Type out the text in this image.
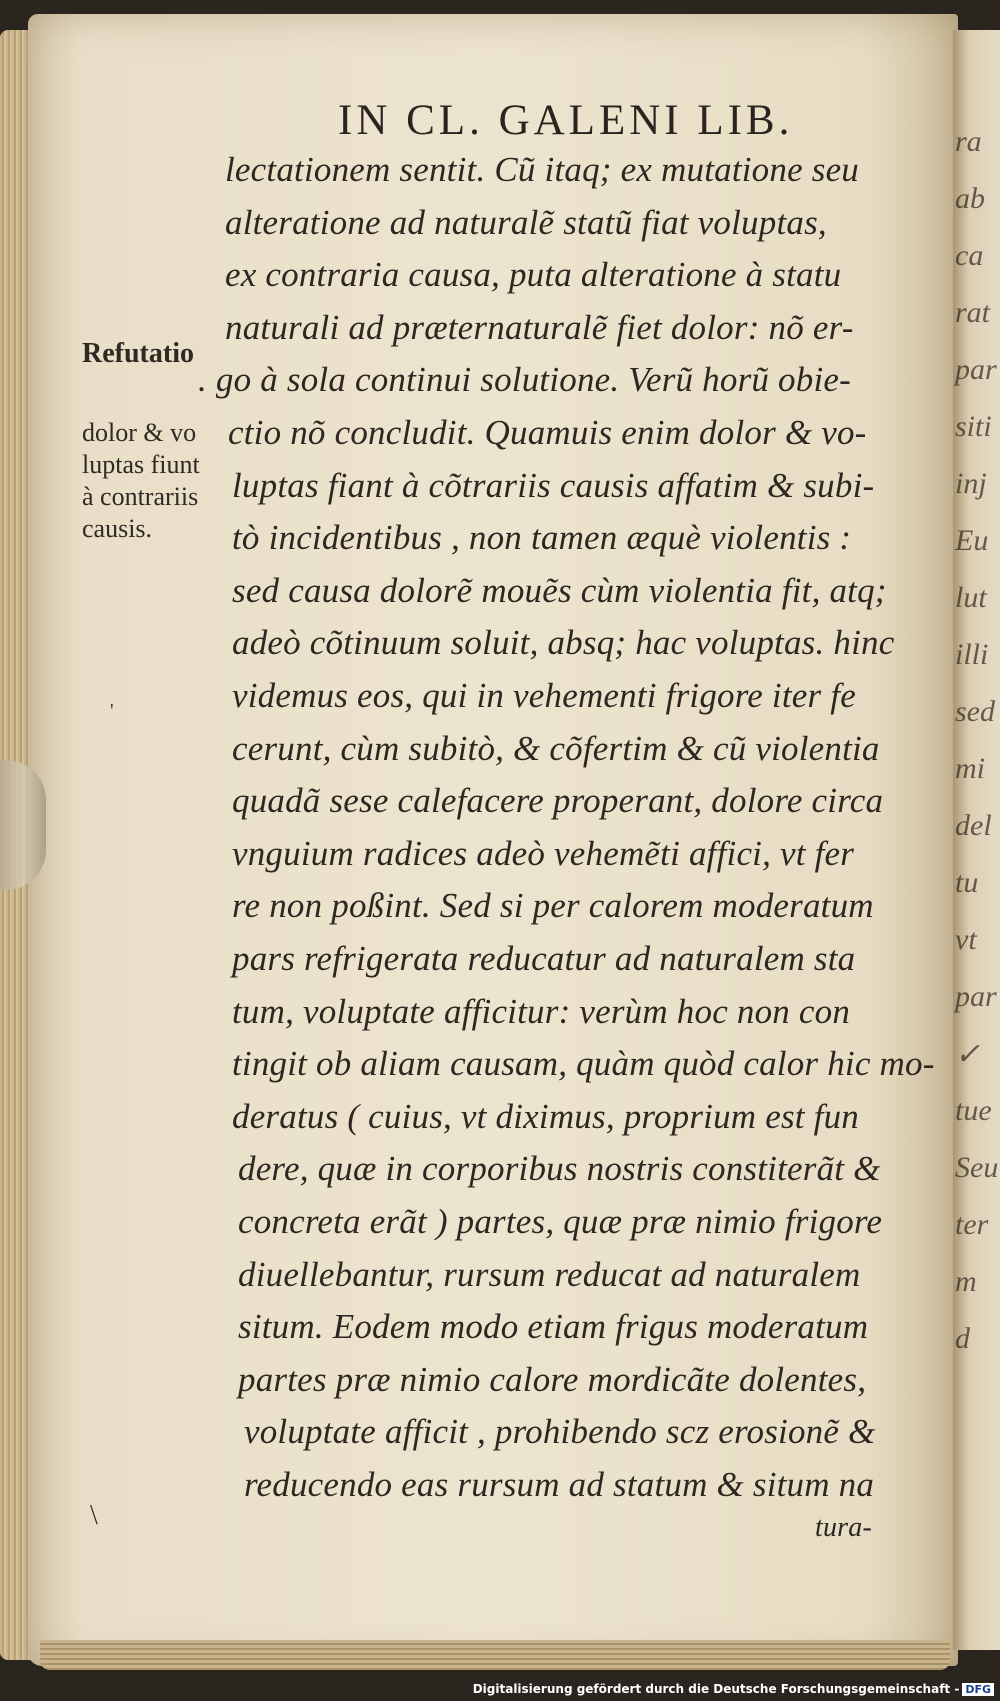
ra
ab
ca
rat
par
siti
inj
Eu
lut
illi
sed
mi
del
tu
vt
par
✓
tue
Seu
ter
m
d
IN CL. GALENI LIB.
lectationem sentit. Cũ itaq; ex mutatione seu
alteratione ad naturalẽ statũ fiat voluptas,
ex contraria causa, puta alteratione à statu
naturali ad præternaturalẽ fiet dolor: nõ er-
. go à sola continui solutione. Verũ horũ obie-
ctio nõ concludit. Quamuis enim dolor & vo-
luptas fiant à cõtrariis causis affatim & subi-
tò incidentibus , non tamen æquè violentis :
sed causa dolorẽ mouẽs cùm violentia fit, atq;
adeò cõtinuum soluit, absq; hac voluptas. hinc
videmus eos, qui in vehementi frigore iter fe
cerunt, cùm subitò, & cõfertim & cũ violentia
quadã sese calefacere properant, dolore circa
vnguium radices adeò vehemẽti affici, vt fer
re non poßint. Sed si per calorem moderatum
pars refrigerata reducatur ad naturalem sta
tum, voluptate afficitur: verùm hoc non con
tingit ob aliam causam, quàm quòd calor hic mo-
deratus ( cuius, vt diximus, proprium est fun
dere, quæ in corporibus nostris constiterãt &
concreta erãt ) partes, quæ præ nimio frigore
diuellebantur, rursum reducat ad naturalem
situm. Eodem modo etiam frigus moderatum
partes præ nimio calore mordicãte dolentes,
voluptate afficit , prohibendo scz erosionẽ &
reducendo eas rursum ad statum & situm na
tura-
Refutatio
dolor & vo
luptas fiunt
à contrariis
causis.
'
\
Digitalisierung gefördert durch die Deutsche Forschungsgemeinschaft - DFG
